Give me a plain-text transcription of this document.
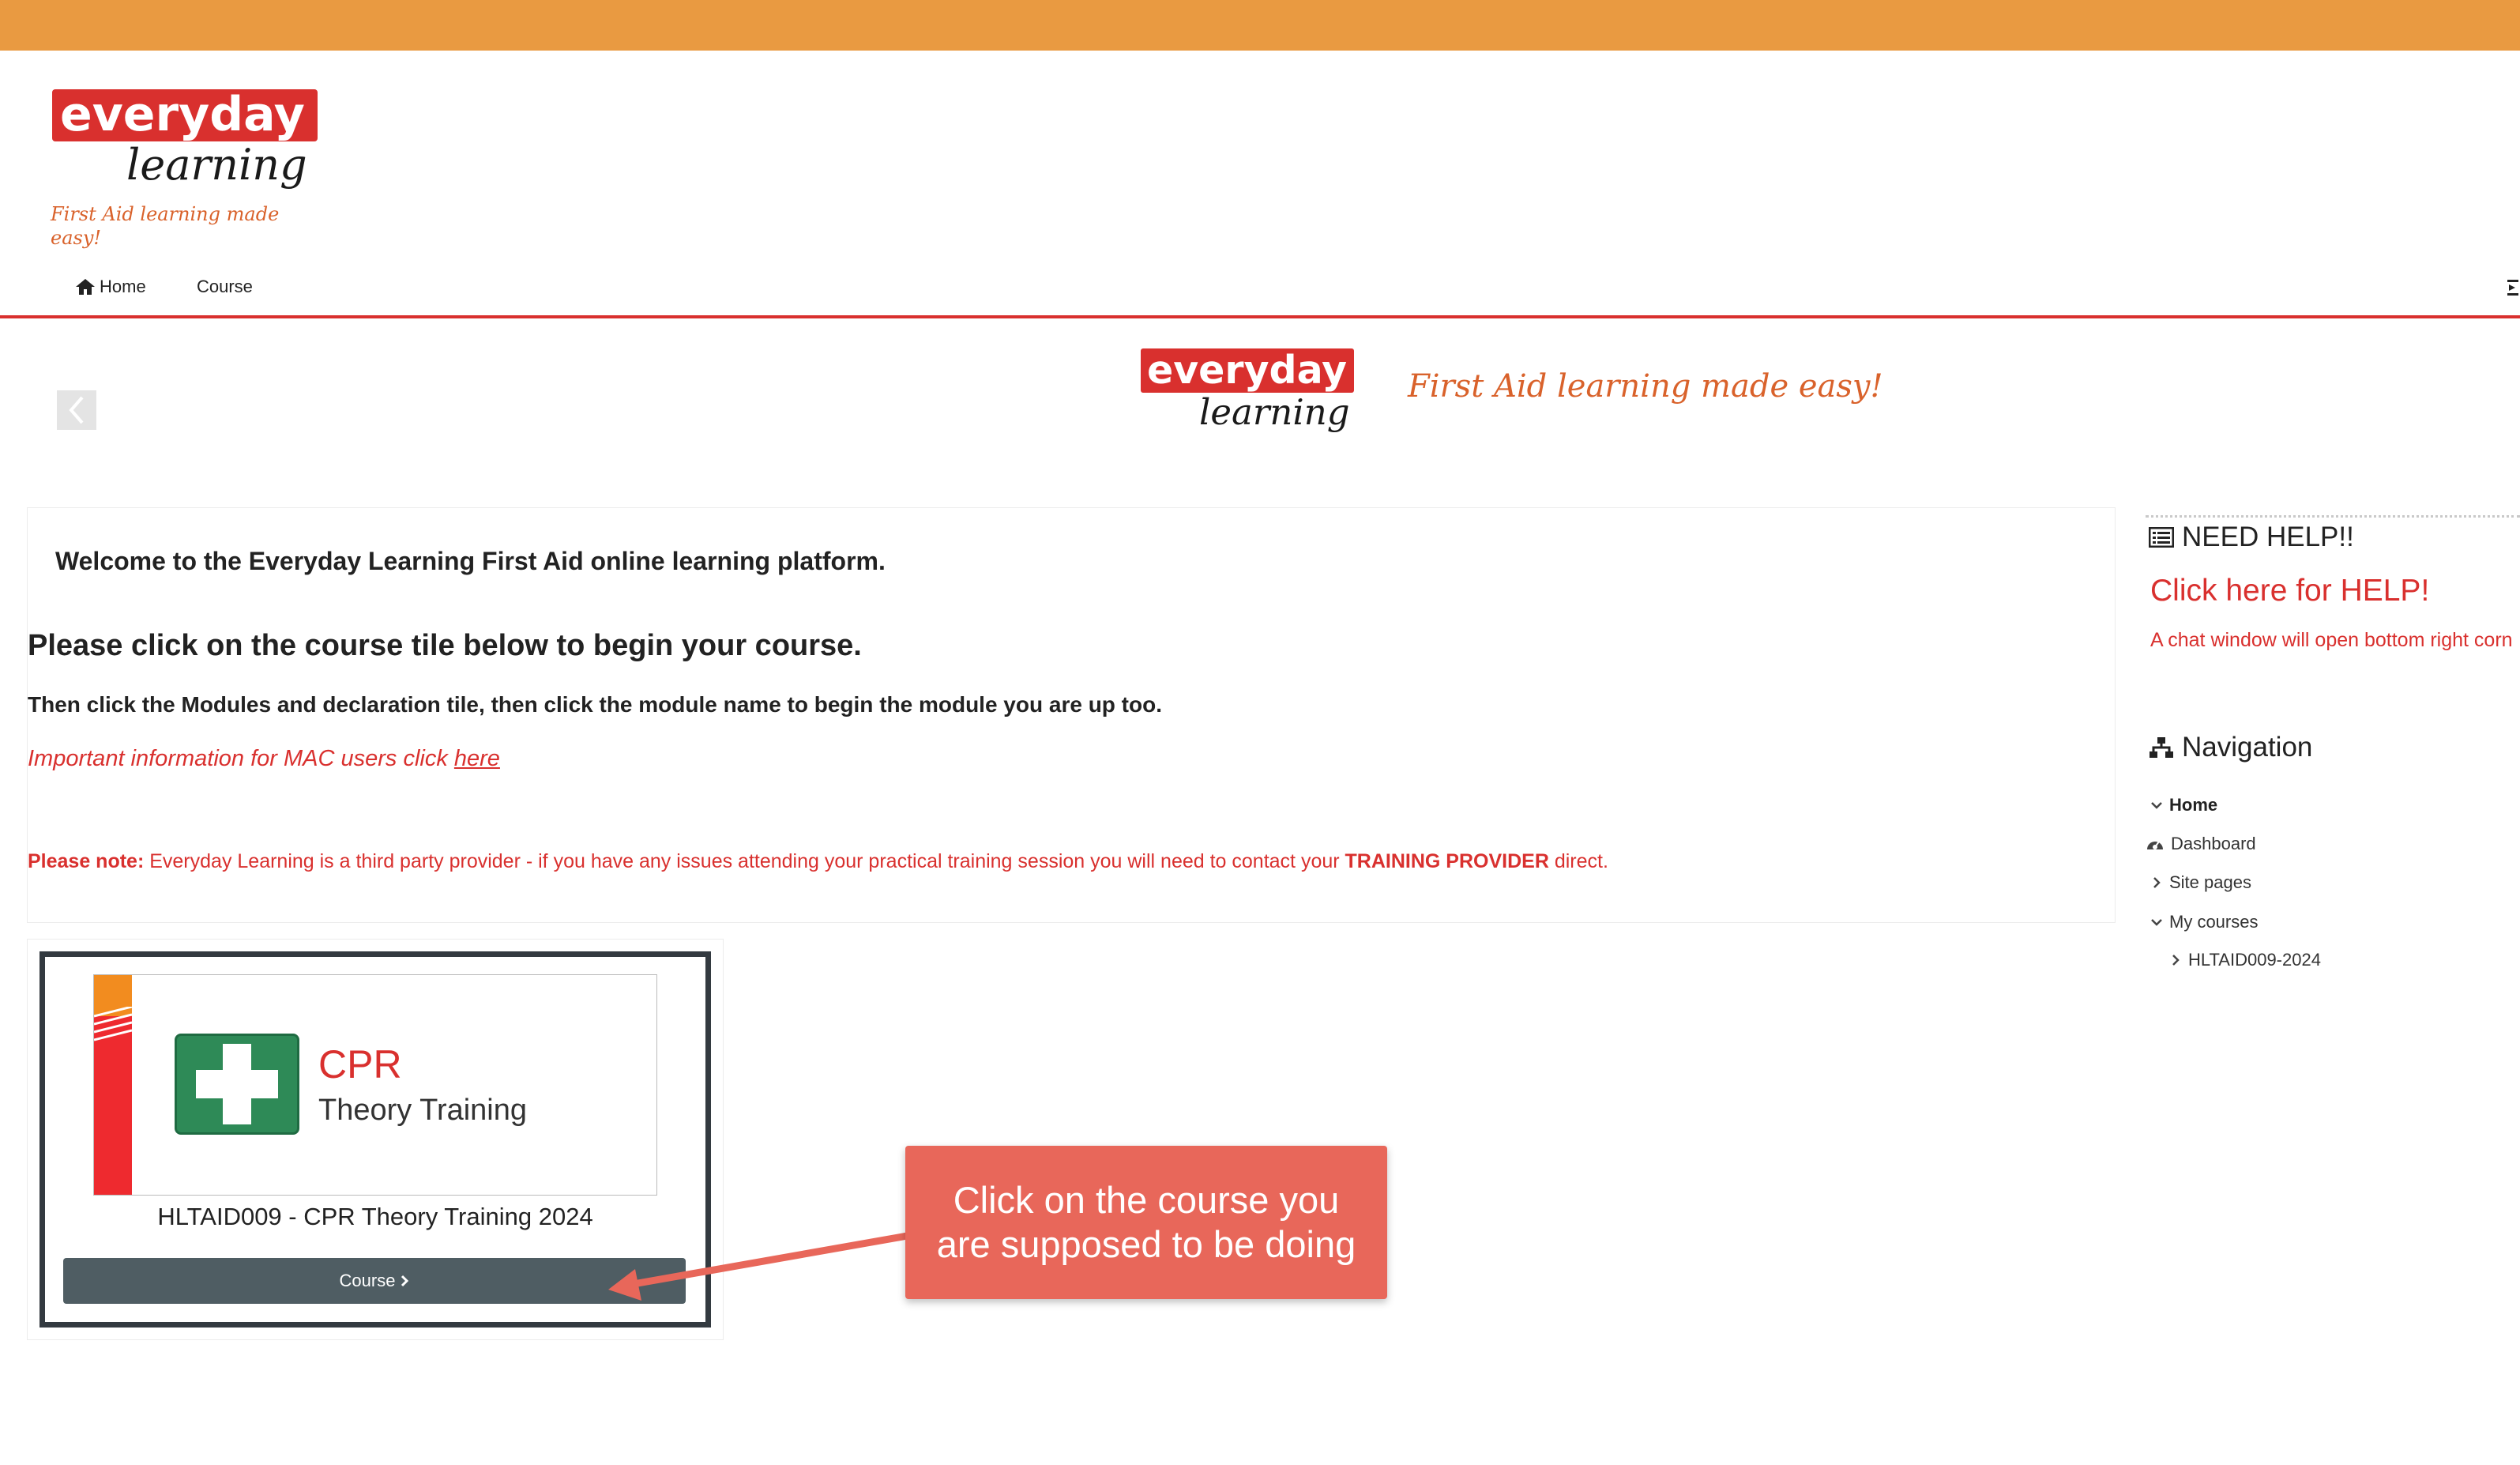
everyday
learning
First Aid learning made easy!
Home	Course
everyday
learning
First Aid learning made easy!
Welcome to the Everyday Learning First Aid online learning platform.
Please click on the course tile below to begin your course.
Then click the Modules and declaration tile, then click the module name to begin the module you are up too.
Important information for MAC users click here
Please note: Everyday Learning is a third party provider - if you have any issues attending your practical training session you will need to contact your TRAINING PROVIDER direct.
CPR
Theory Training
HLTAID009 - CPR Theory Training 2024
Course
Click on the course you
are supposed to be doing
NEED HELP!!
Click here for HELP!
A chat window will open bottom right corn
Navigation
Home
Dashboard
Site pages
My courses
HLTAID009-2024
